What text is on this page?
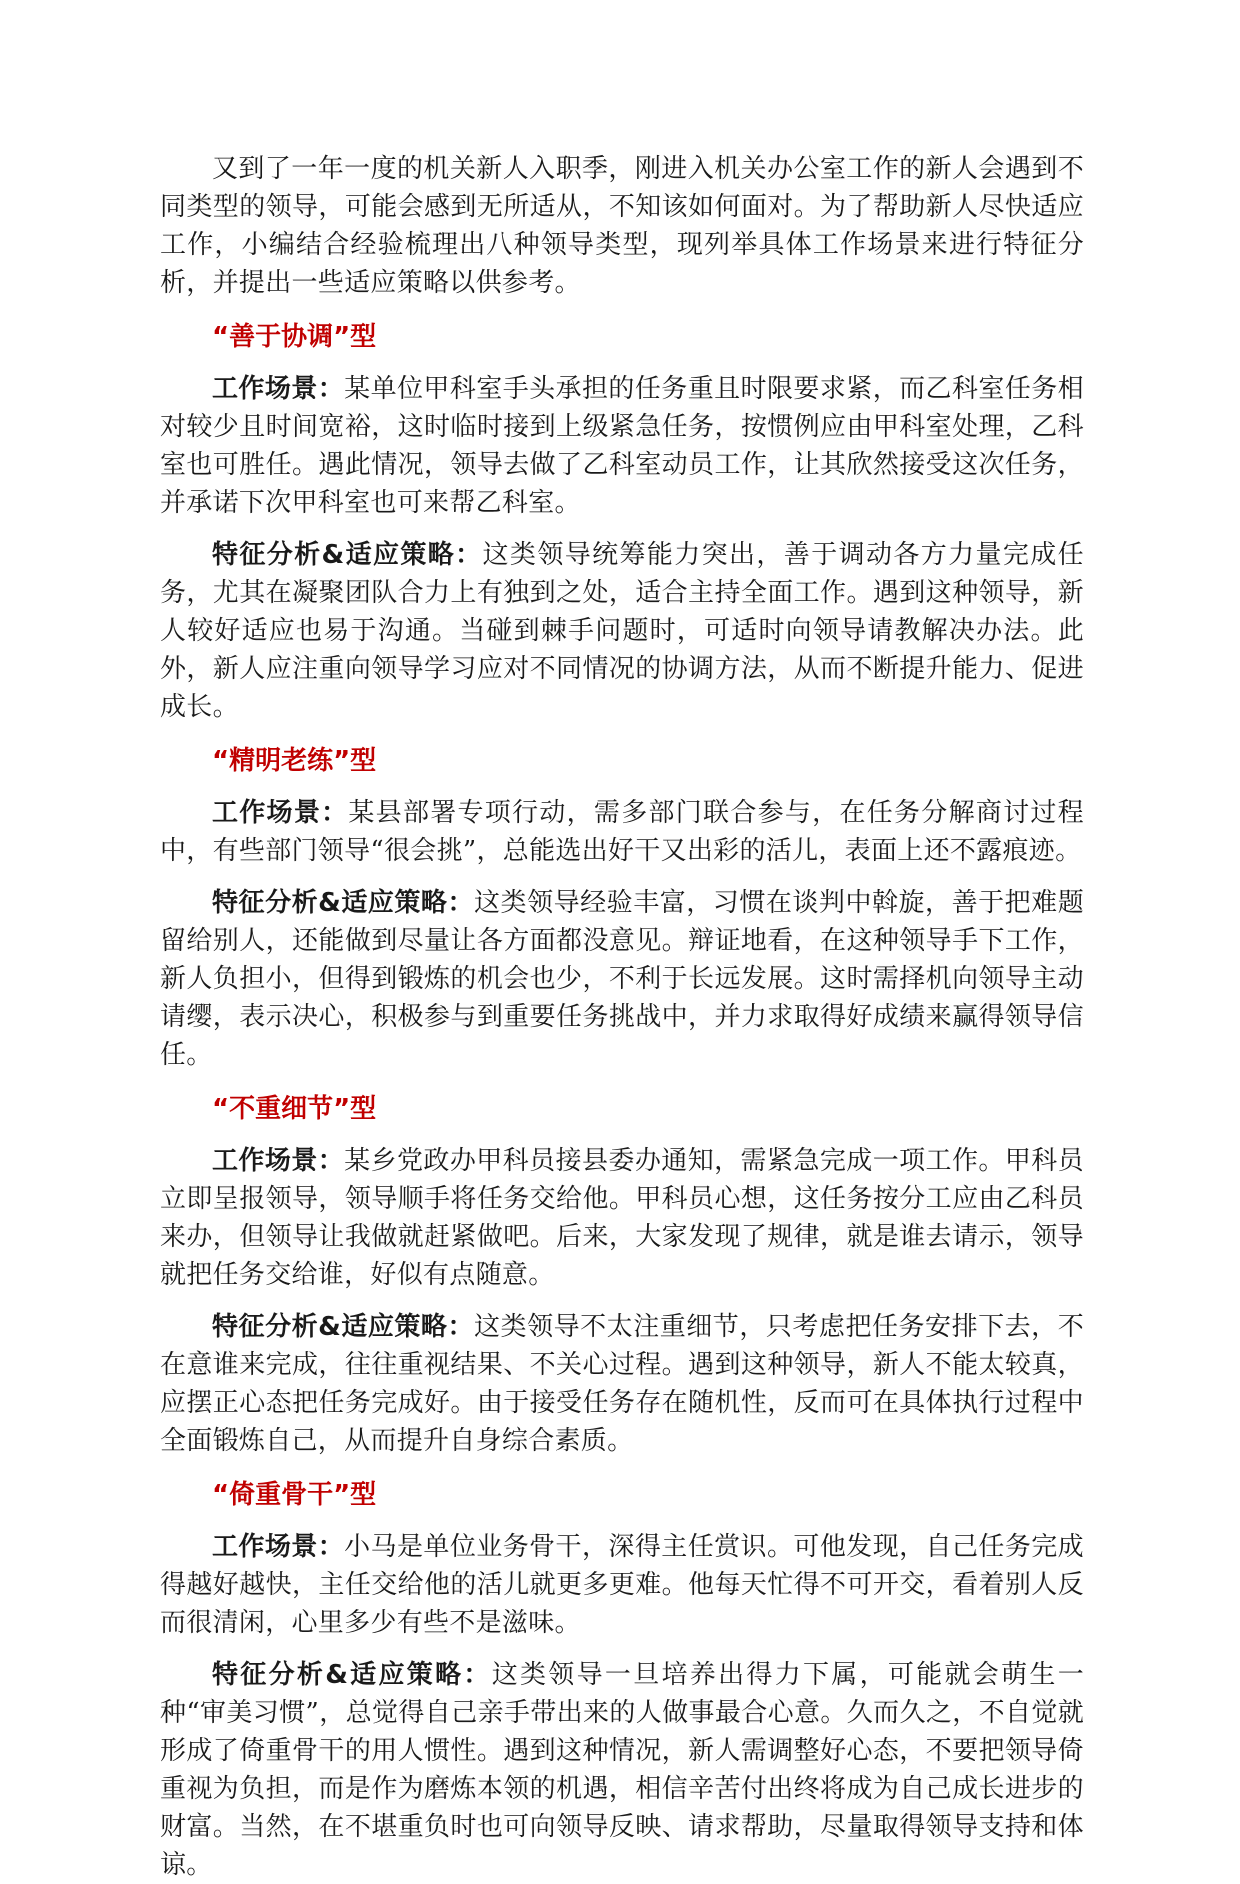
又到了一年一度的机关新人入职季，刚进入机关办公室工作的新人会遇到不同类型的领导，可能会感到无所适从，不知该如何面对。为了帮助新人尽快适应工作，小编结合经验梳理出八种领导类型，现列举具体工作场景来进行特征分析，并提出一些适应策略以供参考。

“善于协调”型

工作场景：某单位甲科室手头承担的任务重且时限要求紧，而乙科室任务相对较少且时间宽裕，这时临时接到上级紧急任务，按惯例应由甲科室处理，乙科室也可胜任。遇此情况，领导去做了乙科室动员工作，让其欣然接受这次任务，并承诺下次甲科室也可来帮乙科室。

特征分析&适应策略：这类领导统筹能力突出，善于调动各方力量完成任务，尤其在凝聚团队合力上有独到之处，适合主持全面工作。遇到这种领导，新人较好适应也易于沟通。当碰到棘手问题时，可适时向领导请教解决办法。此外，新人应注重向领导学习应对不同情况的协调方法，从而不断提升能力、促进成长。

“精明老练”型

工作场景：某县部署专项行动，需多部门联合参与，在任务分解商讨过程中，有些部门领导“很会挑”，总能选出好干又出彩的活儿，表面上还不露痕迹。

特征分析&适应策略：这类领导经验丰富，习惯在谈判中斡旋，善于把难题留给别人，还能做到尽量让各方面都没意见。辩证地看，在这种领导手下工作，新人负担小，但得到锻炼的机会也少，不利于长远发展。这时需择机向领导主动请缨，表示决心，积极参与到重要任务挑战中，并力求取得好成绩来赢得领导信任。

“不重细节”型

工作场景：某乡党政办甲科员接县委办通知，需紧急完成一项工作。甲科员立即呈报领导，领导顺手将任务交给他。甲科员心想，这任务按分工应由乙科员来办，但领导让我做就赶紧做吧。后来，大家发现了规律，就是谁去请示，领导就把任务交给谁，好似有点随意。

特征分析&适应策略：这类领导不太注重细节，只考虑把任务安排下去，不在意谁来完成，往往重视结果、不关心过程。遇到这种领导，新人不能太较真，应摆正心态把任务完成好。由于接受任务存在随机性，反而可在具体执行过程中全面锻炼自己，从而提升自身综合素质。

“倚重骨干”型

工作场景：小马是单位业务骨干，深得主任赏识。可他发现，自己任务完成得越好越快，主任交给他的活儿就更多更难。他每天忙得不可开交，看着别人反而很清闲，心里多少有些不是滋味。

特征分析&适应策略：这类领导一旦培养出得力下属，可能就会萌生一种“审美习惯”，总觉得自己亲手带出来的人做事最合心意。久而久之，不自觉就形成了倚重骨干的用人惯性。遇到这种情况，新人需调整好心态，不要把领导倚重视为负担，而是作为磨炼本领的机遇，相信辛苦付出终将成为自己成长进步的财富。当然，在不堪重负时也可向领导反映、请求帮助，尽量取得领导支持和体谅。
